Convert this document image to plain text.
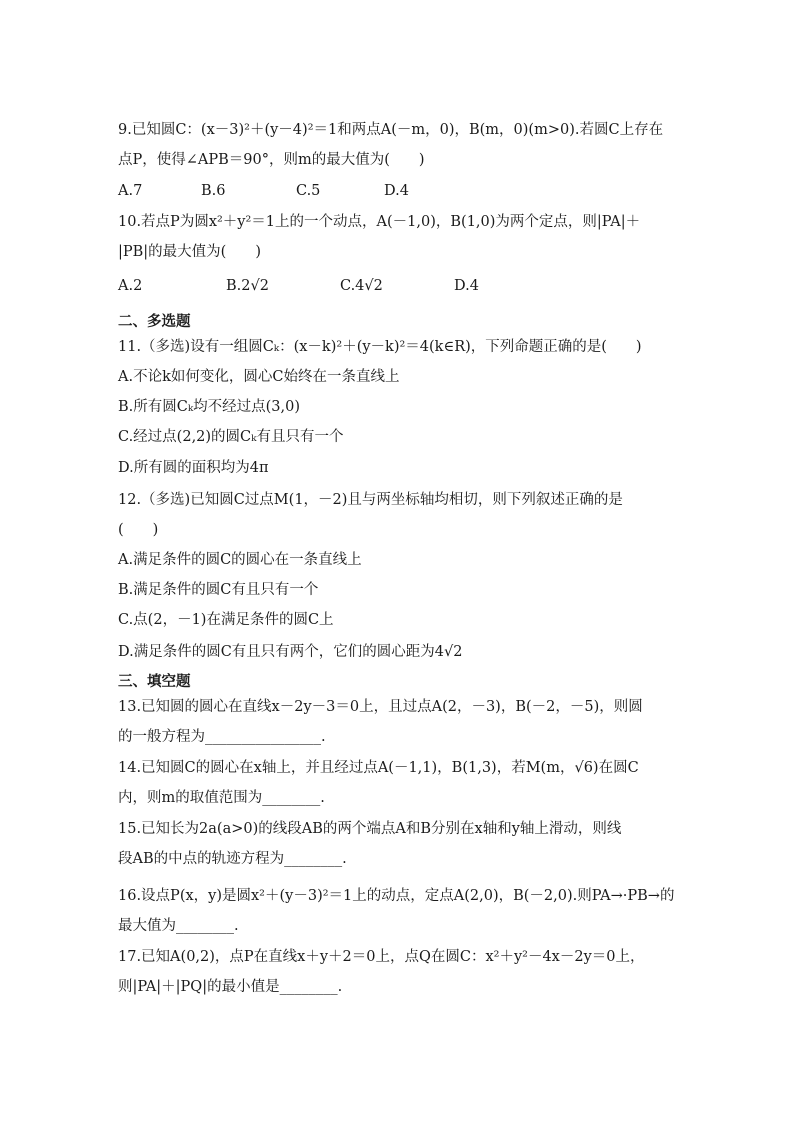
9.已知圆C：(x－3)²＋(y－4)²＝1和两点A(－m，0)，B(m，0)(m>0).若圆C上存在
点P，使得∠APB＝90°，则m的最大值为(　　)
A.7	B.6	C.5	D.4
10.若点P为圆x²＋y²＝1上的一个动点，A(－1,0)，B(1,0)为两个定点，则|PA|＋
|PB|的最大值为(　　)
A.2	B.2√2	C.4√2	D.4
二、多选题
11.（多选)设有一组圆Cₖ：(x－k)²＋(y－k)²＝4(k∈R)，下列命题正确的是(　　)
A.不论k如何变化，圆心C始终在一条直线上
B.所有圆Cₖ均不经过点(3,0)
C.经过点(2,2)的圆Cₖ有且只有一个
D.所有圆的面积均为4π
12.（多选)已知圆C过点M(1，－2)且与两坐标轴均相切，则下列叙述正确的是
(　　)
A.满足条件的圆C的圆心在一条直线上
B.满足条件的圆C有且只有一个
C.点(2，－1)在满足条件的圆C上
D.满足条件的圆C有且只有两个，它们的圆心距为4√2
三、填空题
13.已知圆的圆心在直线x－2y－3＝0上，且过点A(2，－3)，B(－2，－5)，则圆
的一般方程为________________.
14.已知圆C的圆心在x轴上，并且经过点A(－1,1)，B(1,3)，若M(m，√6)在圆C
内，则m的取值范围为________.
15.已知长为2a(a>0)的线段AB的两个端点A和B分别在x轴和y轴上滑动，则线
段AB的中点的轨迹方程为________.
16.设点P(x，y)是圆x²＋(y－3)²＝1上的动点，定点A(2,0)，B(－2,0).则PA→·PB→的
最大值为________.
17.已知A(0,2)，点P在直线x＋y＋2＝0上，点Q在圆C：x²＋y²－4x－2y＝0上，
则|PA|＋|PQ|的最小值是________.
